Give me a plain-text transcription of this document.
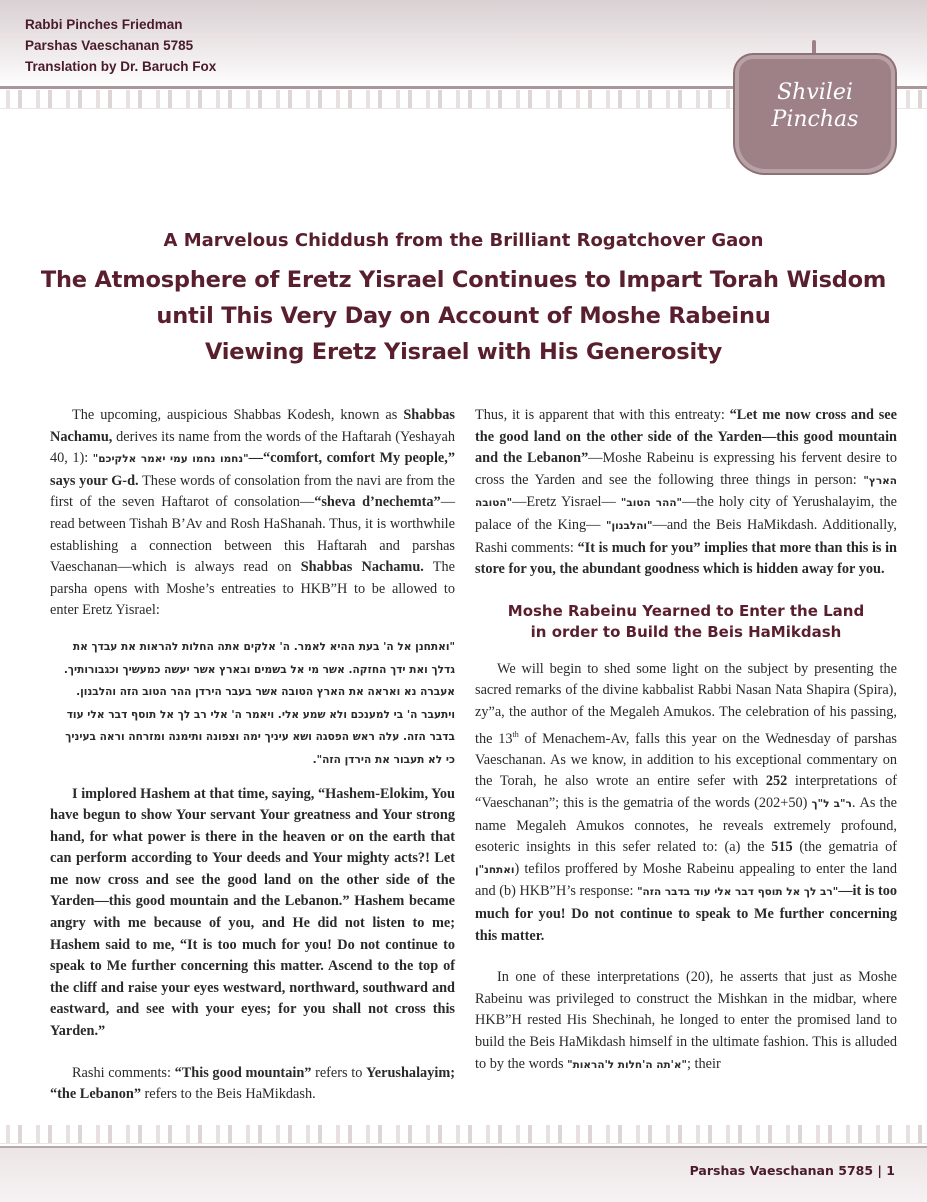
Rabbi Pinches Friedman
Parshas Vaeschanan 5785
Translation by Dr. Baruch Fox
Shvilei
Pinchas
A Marvelous Chiddush from the Brilliant Rogatchover Gaon
The Atmosphere of Eretz Yisrael Continues to Impart Torah Wisdom
until This Very Day on Account of Moshe Rabeinu
Viewing Eretz Yisrael with His Generosity

The upcoming, auspicious Shabbas Kodesh, known as Shabbas Nachamu, derives its name from the words of the Haftarah (Yeshayah 40, 1): "נחמו נחמו עמי יאמר אלקיכם"—“comfort, comfort My people,” says your G-d. These words of consolation from the navi are from the first of the seven Haftarot of consolation—“sheva d’nechemta”—read between Tishah B’Av and Rosh HaShanah. Thus, it is worthwhile establishing a connection between this Haftarah and parshas Vaeschanan—which is always read on Shabbas Nachamu. The parsha opens with Moshe’s entreaties to HKB”H to be allowed to enter Eretz Yisrael:

"ואתחנן אל ה' בעת ההיא לאמר. ה' אלקים אתה החלות להראות את עבדך את
גדלך ואת ידך החזקה. אשר מי אל בשמים ובארץ אשר יעשה כמעשיך וכגבורותיך.
אעברה נא ואראה את הארץ הטובה אשר בעבר הירדן ההר הטוב הזה והלבנון.
ויתעבר ה' בי למענכם ולא שמע אלי. ויאמר ה' אלי רב לך אל תוסף דבר אלי עוד
בדבר הזה. עלה ראש הפסגה ושא עיניך ימה וצפונה ותימנה ומזרחה וראה בעיניך
כי לא תעבור את הירדן הזה".

I implored Hashem at that time, saying, “Hashem-Elokim, You have begun to show Your servant Your greatness and Your strong hand, for what power is there in the heaven or on the earth that can perform according to Your deeds and Your mighty acts?! Let me now cross and see the good land on the other side of the Yarden—this good mountain and the Lebanon.” Hashem became angry with me because of you, and He did not listen to me; Hashem said to me, “It is too much for you! Do not continue to speak to Me further concerning this matter. Ascend to the top of the cliff and raise your eyes westward, northward, southward and eastward, and see with your eyes; for you shall not cross this Yarden.”

Rashi comments: “This good mountain” refers to Yerushalayim; “the Lebanon” refers to the Beis HaMikdash.

Thus, it is apparent that with this entreaty: “Let me now cross and see the good land on the other side of the Yarden—this good mountain and the Lebanon”—Moshe Rabeinu is expressing his fervent desire to cross the Yarden and see the following three things in person: "הארץ הטובה"—Eretz Yisrael— "ההר הטוב"—the holy city of Yerushalayim, the palace of the King— "והלבנון"—and the Beis HaMikdash. Additionally, Rashi comments: “It is much for you” implies that more than this is in store for you, the abundant goodness which is hidden away for you.

Moshe Rabeinu Yearned to Enter the Land
in order to Build the Beis HaMikdash

We will begin to shed some light on the subject by presenting the sacred remarks of the divine kabbalist Rabbi Nasan Nata Shapira (Spira), zy”a, the author of the Megaleh Amukos. The celebration of his passing, the 13th of Menachem-Av, falls this year on the Wednesday of parshas Vaeschanan. As we know, in addition to his exceptional commentary on the Torah, he also wrote an entire sefer with 252 interpretations of “Vaeschanan”; this is the gematria of the words	ר"ב ל"ך (202+50). As the name Megaleh Amukos connotes, he reveals extremely profound, esoteric insights in this sefer related to: (a) the 515 (the gematria of ואתחנ"ן) tefilos proffered by Moshe Rabeinu appealing to enter the land and (b) HKB”H’s response: "רב לך אל תוסף דבר אלי עוד בדבר הזה"—it is too much for you! Do not continue to speak to Me further concerning this matter.

In one of these interpretations (20), he asserts that just as Moshe Rabeinu was privileged to construct the Mishkan in the midbar, where HKB”H rested His Shechinah, he longed to enter the promised land to build the Beis HaMikdash himself in the ultimate fashion. This is alluded to by the words "א'תה ה'חלות ל'הראות"; their

Parshas Vaeschanan 5785 | 1
